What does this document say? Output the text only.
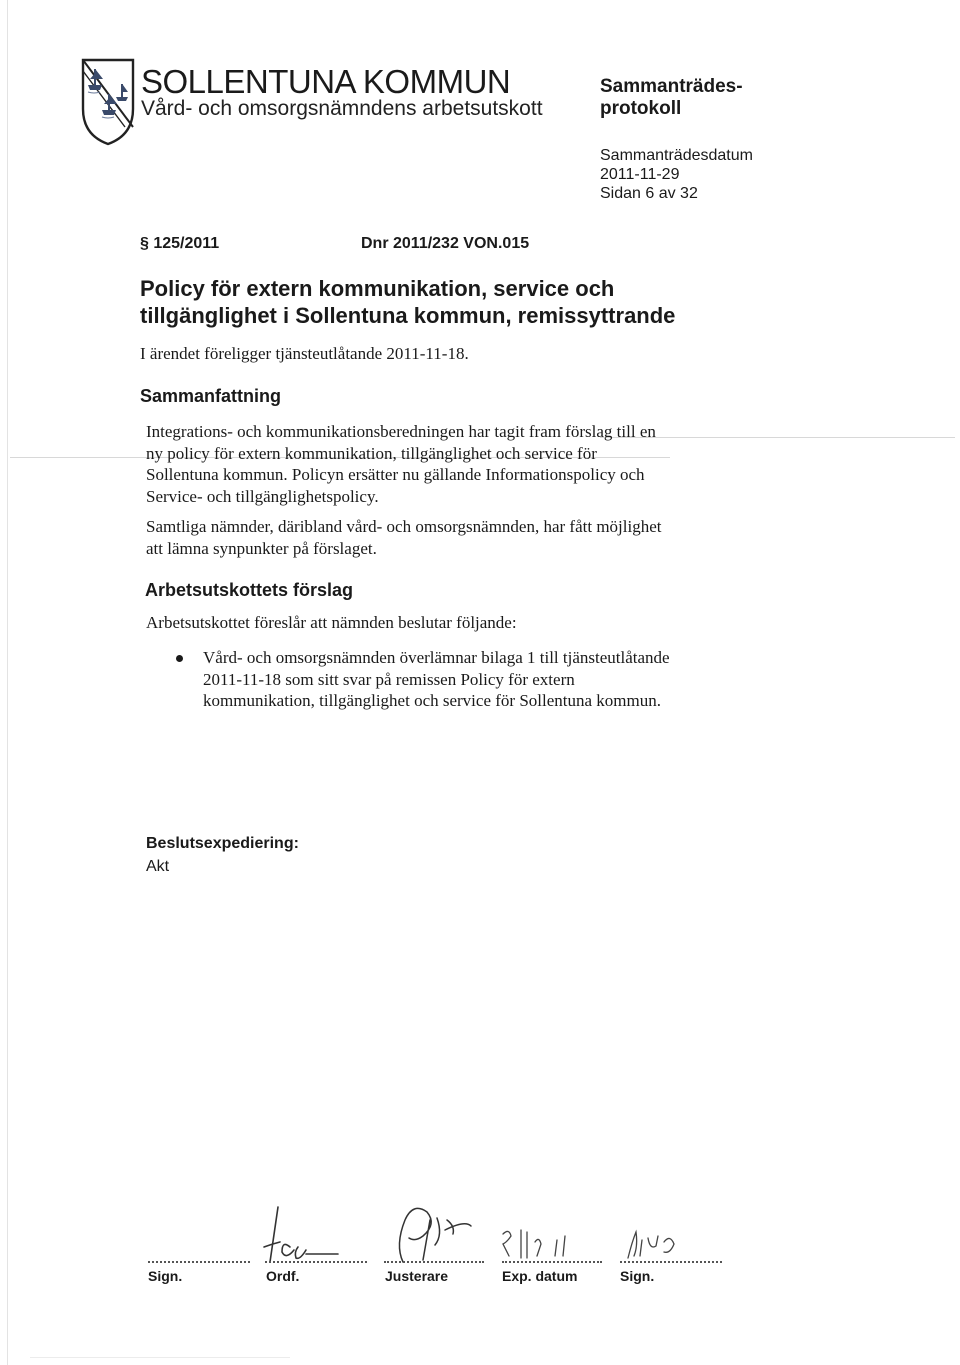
SOLLENTUNA KOMMUN
Vård- och omsorgsnämndens arbetsutskott
Sammanträdes-
protokoll
Sammanträdesdatum
2011-11-29
Sidan 6 av 32
§ 125/2011	Dnr 2011/232 VON.015
Policy för extern kommunikation, service och
tillgänglighet i Sollentuna kommun, remissyttrande
I ärendet föreligger tjänsteutlåtande 2011-11-18.
Sammanfattning
Integrations- och kommunikationsberedningen har tagit fram förslag till en
ny policy för extern kommunikation, tillgänglighet och service för
Sollentuna kommun. Policyn ersätter nu gällande Informationspolicy och
Service- och tillgänglighetspolicy.
Samtliga nämnder, däribland vård- och omsorgsnämnden, har fått möjlighet
att lämna synpunkter på förslaget.
Arbetsutskottets förslag
Arbetsutskottet föreslår att nämnden beslutar följande:
Vård- och omsorgsnämnden överlämnar bilaga 1 till tjänsteutlåtande
2011-11-18 som sitt svar på remissen Policy för extern
kommunikation, tillgänglighet och service för Sollentuna kommun.
Beslutsexpediering:
Akt
Sign.	Ordf.	Justerare	Exp. datum	Sign.
